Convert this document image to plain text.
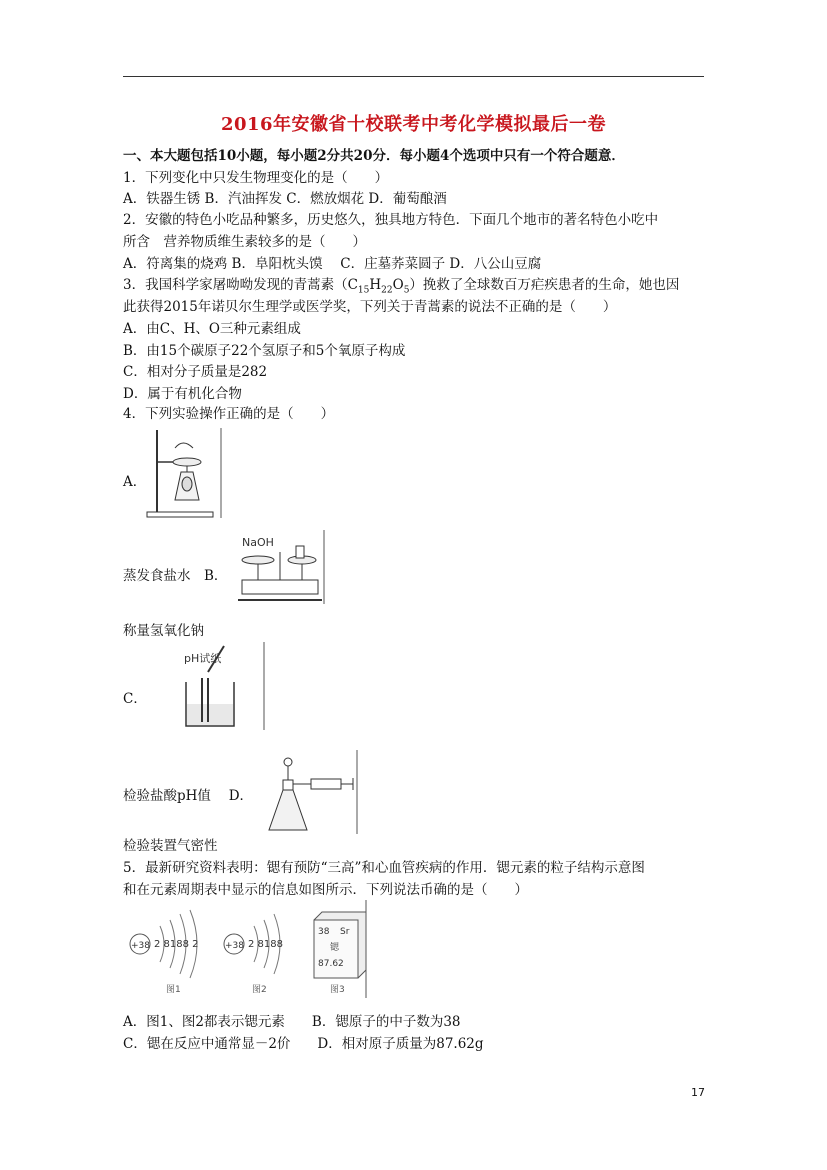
2016年安徽省十校联考中考化学模拟最后一卷
一、本大题包括10小题，每小题2分共20分．每小题4个选项中只有一个符合题意．
1．下列变化中只发生物理变化的是（　　）
A．铁器生锈 B．汽油挥发 C．燃放烟花 D．葡萄酿酒
2．安徽的特色小吃品种繁多，历史悠久，独具地方特色．下面几个地市的著名特色小吃中
所含　营养物质维生素较多的是（　　）
A．符离集的烧鸡 B．阜阳枕头馍　 C．庄墓荞菜圆子 D．八公山豆腐
3．我国科学家屠呦呦发现的青蒿素$(C_{15}H_{22}O_5)$挽救了全球数百万疟疾患者的生命，她也因
此获得2015年诺贝尔生理学或医学奖，下列关于青蒿素的说法不正确的是（　　）
A．由C、H、O三种元素组成
B．由15个碳原子22个氢原子和5个氧原子构成
C．相对分子质量是282
D．属于有机化合物
4．下列实验操作正确的是（　　）
A．
蒸发食盐水　B．
NaOH
称量氢氧化钠
pH试纸
C．
检验盐酸pH值　 D．
检验装置气密性
5．最新研究资料表明：锶有预防“三高”和心血管疾病的作用．锶元素的粒子结构示意图
和在元素周期表中显示的信息如图所示．下列说法币确的是（　　）
+38 2 8188 2
图1
+38 2 8188
图2
38 Sr
锶
87.62
图3
A．图1、图2都表示锶元素　　B．锶原子的中子数为38
C．锶在反应中通常显－2价　　D．相对原子质量为87.62g
17
